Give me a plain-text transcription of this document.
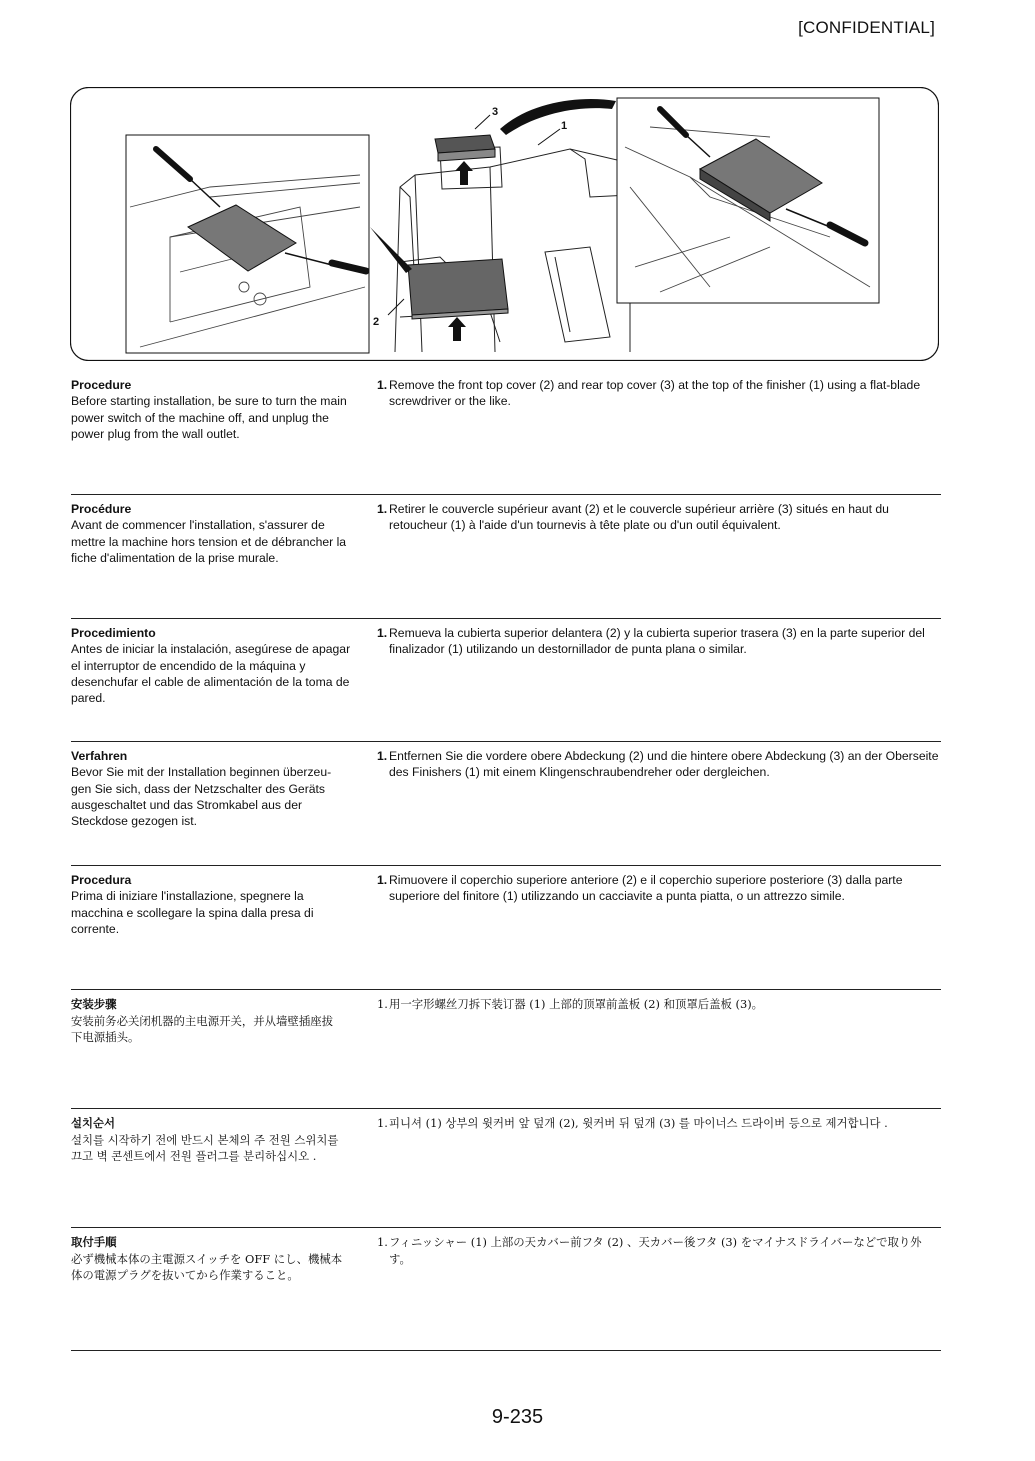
[CONFIDENTIAL]
3
1
2
Procedure
Before starting installation, be sure to turn the main power switch of the machine off, and unplug the power plug from the wall outlet.
1. Remove the front top cover (2) and rear top cover (3) at the top of the finisher (1) using a flat-blade screwdriver or the like.
Procédure
Avant de commencer l'installation, s'assurer de mettre la machine hors tension et de débrancher la fiche d'alimentation de la prise murale.
1. Retirer le couvercle supérieur avant (2) et le couvercle supérieur arrière (3) situés en haut du retoucheur (1) à l'aide d'un tournevis à tête plate ou d'un outil équivalent.
Procedimiento
Antes de iniciar la instalación, asegúrese de apagar el interruptor de encendido de la máquina y desenchufar el cable de alimentación de la toma de pared.
1. Remueva la cubierta superior delantera (2) y la cubierta superior trasera (3) en la parte superior del finalizador (1) utilizando un destornillador de punta plana o similar.
Verfahren
Bevor Sie mit der Installation beginnen überzeu-gen Sie sich, dass der Netzschalter des Geräts ausgeschaltet und das Stromkabel aus der Steckdose gezogen ist.
1. Entfernen Sie die vordere obere Abdeckung (2) und die hintere obere Abdeckung (3) an der Oberseite des Finishers (1) mit einem Klingenschraubendreher oder dergleichen.
Procedura
Prima di iniziare l'installazione, spegnere la macchina e scollegare la spina dalla presa di corrente.
1. Rimuovere il coperchio superiore anteriore (2) e il coperchio superiore posteriore (3) dalla parte superiore del finitore (1) utilizzando un cacciavite a punta piatta, o un attrezzo simile.
安装步骤
安装前务必关闭机器的主电源开关，并从墙壁插座拔下电源插头。
1. 用一字形螺丝刀拆下装订器 (1) 上部的顶罩前盖板 (2) 和顶罩后盖板 (3)。
설치순서
설치를 시작하기 전에 반드시 본체의 주 전원 스위치를 끄고 벽 콘센트에서 전원 플러그를 분리하십시오 .
1. 피니셔 (1) 상부의 윗커버 앞 덮개 (2), 윗커버 뒤 덮개 (3) 를 마이너스 드라이버 등으로 제거합니다 .
取付手順
必ず機械本体の主電源スイッチを OFF にし、機械本体の電源プラグを抜いてから作業すること。
1. フィニッシャー (1) 上部の天カバー前フタ (2) 、天カバー後フタ (3) をマイナスドライバーなどで取り外す。
9-235
